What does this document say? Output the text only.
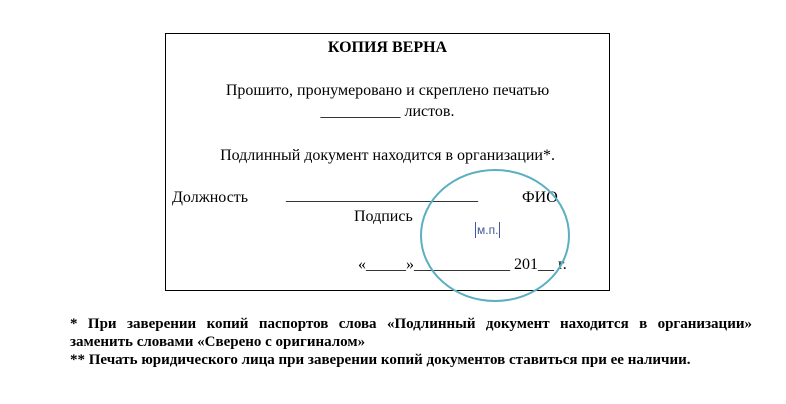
КОПИЯ ВЕРНА
Прошито, пронумеровано и скреплено печатью
__________ листов.
Подлинный документ находится в организации*.
Должность ________________________	ФИО
Подпись
«_____»____________ 201__ г.
м.п.

* При заверении копий паспортов слова «Подлинный документ находится в организации» заменить словами «Сверено с оригиналом»

** Печать юридического лица при заверении копий документов ставиться при ее наличии.
